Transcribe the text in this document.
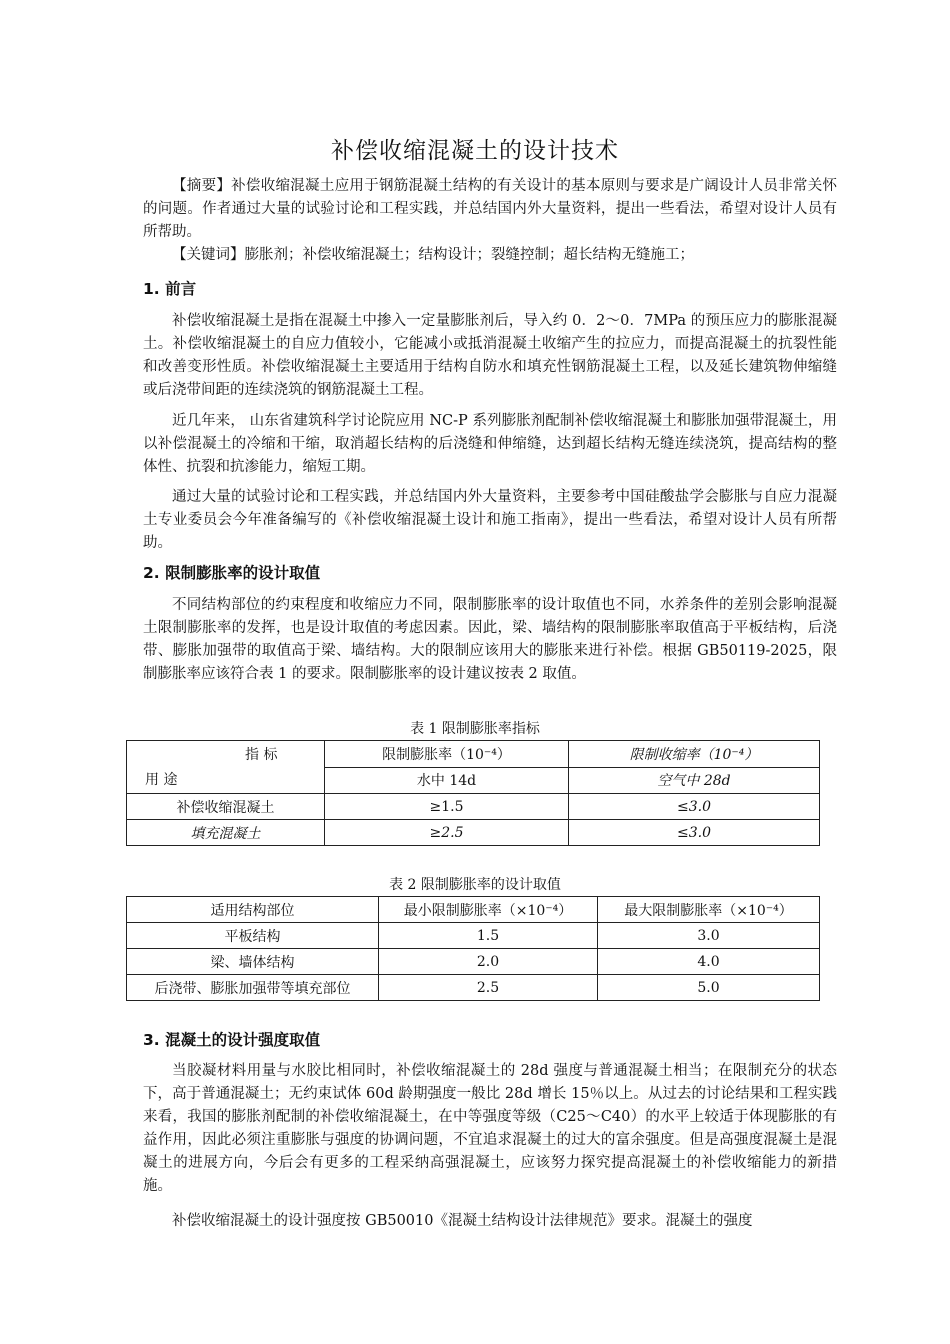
补偿收缩混凝土的设计技术

【摘要】补偿收缩混凝土应用于钢筋混凝土结构的有关设计的基本原则与要求是广阔设计人员非常关怀的问题。作者通过大量的试验讨论和工程实践，并总结国内外大量资料，提出一些看法，希望对设计人员有所帮助。

【关键词】膨胀剂；补偿收缩混凝土；结构设计；裂缝控制；超长结构无缝施工；

1. 前言

补偿收缩混凝土是指在混凝土中掺入一定量膨胀剂后，导入约 0．2～0．7MPa 的预压应力的膨胀混凝土。补偿收缩混凝土的自应力值较小，它能减小或抵消混凝土收缩产生的拉应力，而提高混凝土的抗裂性能和改善变形性质。补偿收缩混凝土主要适用于结构自防水和填充性钢筋混凝土工程，以及延长建筑物伸缩缝或后浇带间距的连续浇筑的钢筋混凝土工程。

近几年来， 山东省建筑科学讨论院应用 NC-P 系列膨胀剂配制补偿收缩混凝土和膨胀加强带混凝土，用以补偿混凝土的冷缩和干缩，取消超长结构的后浇缝和伸缩缝，达到超长结构无缝连续浇筑，提高结构的整体性、抗裂和抗渗能力，缩短工期。

通过大量的试验讨论和工程实践，并总结国内外大量资料，主要参考中国硅酸盐学会膨胀与自应力混凝土专业委员会今年准备编写的《补偿收缩混凝土设计和施工指南》，提出一些看法，希望对设计人员有所帮助。

2. 限制膨胀率的设计取值

不同结构部位的约束程度和收缩应力不同，限制膨胀率的设计取值也不同，水养条件的差别会影响混凝土限制膨胀率的发挥，也是设计取值的考虑因素。因此，梁、墙结构的限制膨胀率取值高于平板结构，后浇带、膨胀加强带的取值高于梁、墙结构。大的限制应该用大的膨胀来进行补偿。根据 GB50119-2025，限制膨胀率应该符合表 1 的要求。限制膨胀率的设计建议按表 2 取值。

表 1 限制膨胀率指标
指 标
用 途	限制膨胀率（10⁻⁴）	限制收缩率（10⁻⁴）
	水中 14d	空气中 28d
补偿收缩混凝土	≥1.5	≤3.0
填充混凝土	≥2.5	≤3.0
表 2 限制膨胀率的设计取值
适用结构部位	最小限制膨胀率（×10⁻⁴）	最大限制膨胀率（×10⁻⁴）
平板结构	1.5	3.0
梁、墙体结构	2.0	4.0
后浇带、膨胀加强带等填充部位	2.5	5.0

3. 混凝土的设计强度取值

当胶凝材料用量与水胶比相同时，补偿收缩混凝土的 28d 强度与普通混凝土相当；在限制充分的状态下，高于普通混凝土；无约束试体 60d 龄期强度一般比 28d 增长 15％以上。从过去的讨论结果和工程实践来看，我国的膨胀剂配制的补偿收缩混凝土，在中等强度等级（C25～C40）的水平上较适于体现膨胀的有益作用，因此必须注重膨胀与强度的协调问题，不宜追求混凝土的过大的富余强度。但是高强度混凝土是混凝土的进展方向，今后会有更多的工程采纳高强混凝土，应该努力探究提高混凝土的补偿收缩能力的新措施。

补偿收缩混凝土的设计强度按 GB50010《混凝土结构设计法律规范》要求。混凝土的强度
